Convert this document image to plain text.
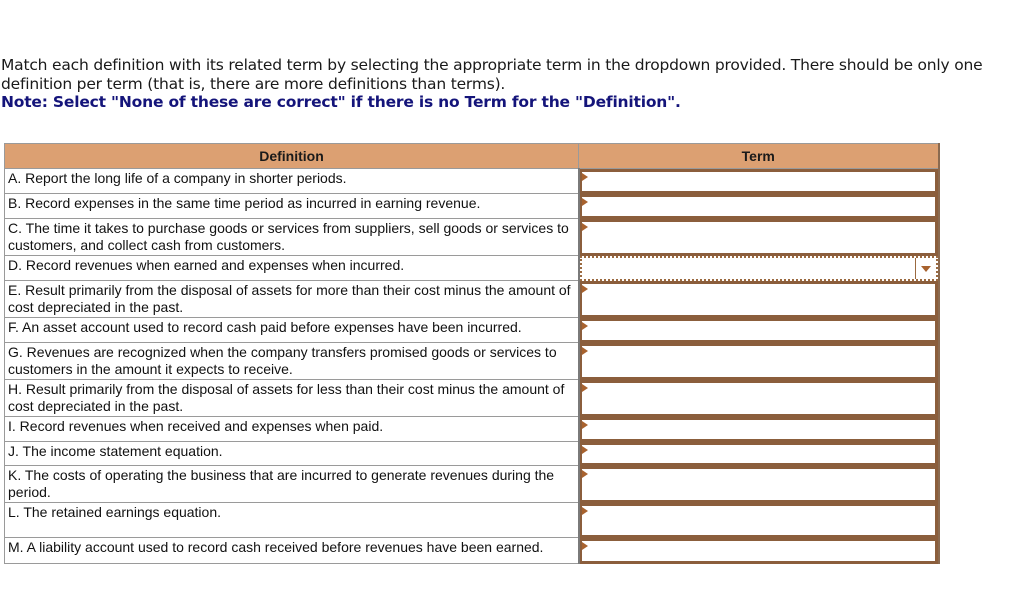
Match each definition with its related term by selecting the appropriate term in the dropdown provided. There should be only one definition per term (that is, there are more definitions than terms).
Note: Select "None of these are correct" if there is no Term for the "Definition".
Definition	Term
A. Report the long life of a company in shorter periods.	

B. Record expenses in the same time period as incurred in earning revenue.	

C. The time it takes to purchase goods or services from suppliers, sell goods or services to customers, and collect cash from customers.	

D. Record revenues when earned and expenses when incurred.	

E. Result primarily from the disposal of assets for more than their cost minus the amount of cost depreciated in the past.	

F. An asset account used to record cash paid before expenses have been incurred.	

G. Revenues are recognized when the company transfers promised goods or services to customers in the amount it expects to receive.	

H. Result primarily from the disposal of assets for less than their cost minus the amount of cost depreciated in the past.	

I. Record revenues when received and expenses when paid.	

J. The income statement equation.	

K. The costs of operating the business that are incurred to generate revenues during the period.	

L. The retained earnings equation.	

M. A liability account used to record cash received before revenues have been earned.	
